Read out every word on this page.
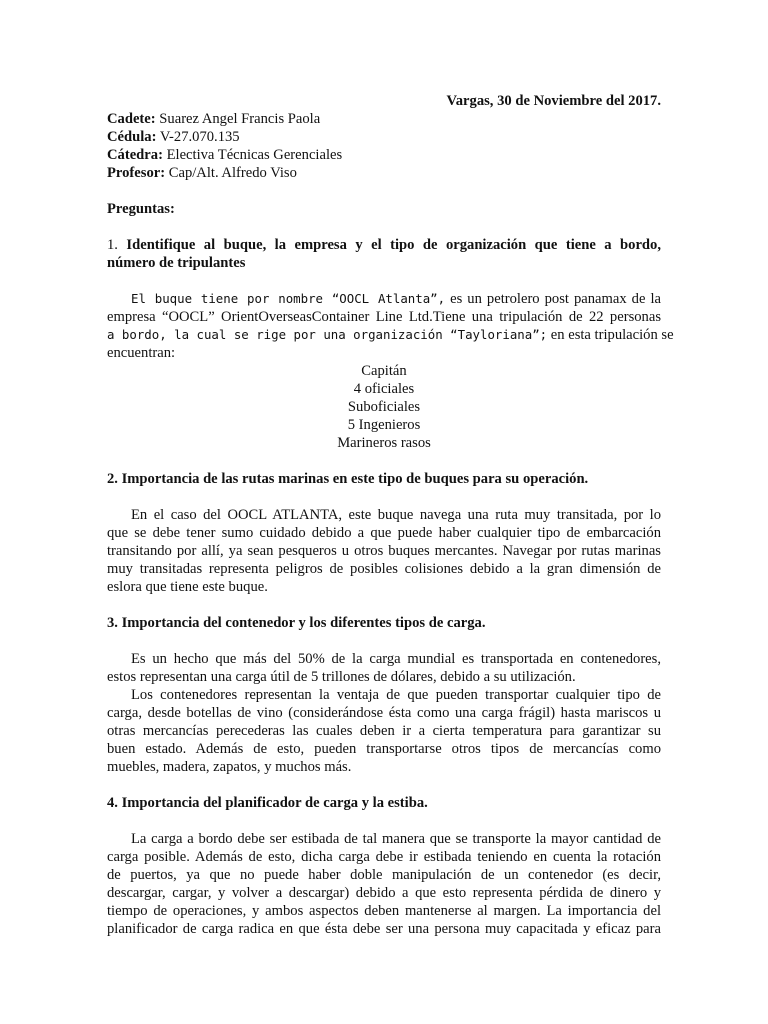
Vargas, 30 de Noviembre del 2017.
Cadete: Suarez Angel Francis Paola
Cédula: V-27.070.135
Cátedra: Electiva Técnicas Gerenciales
Profesor: Cap/Alt. Alfredo Viso
Preguntas:
1. Identifique al buque, la empresa y el tipo de organización que tiene a bordo,
número de tripulantes
El buque tiene por nombre “OOCL Atlanta”, es un petrolero post panamax de la
empresa “OOCL” OrientOverseasContainer Line Ltd.Tiene una tripulación de 22 personas
a bordo, la cual se rige por una organización “Tayloriana”; en esta tripulación se
encuentran:
Capitán
4 oficiales
Suboficiales
5 Ingenieros
Marineros rasos
2. Importancia de las rutas marinas en este tipo de buques para su operación.
En el caso del OOCL ATLANTA, este buque navega una ruta muy transitada, por lo
que se debe tener sumo cuidado debido a que puede haber cualquier tipo de embarcación
transitando por allí, ya sean pesqueros u otros buques mercantes. Navegar por rutas marinas
muy transitadas representa peligros de posibles colisiones debido a la gran dimensión de
eslora que tiene este buque.
3. Importancia del contenedor y los diferentes tipos de carga.
Es un hecho que más del 50% de la carga mundial es transportada en contenedores,
estos representan una carga útil de 5 trillones de dólares, debido a su utilización.
Los contenedores representan la ventaja de que pueden transportar cualquier tipo de
carga, desde botellas de vino (considerándose ésta como una carga frágil) hasta mariscos u
otras mercancías perecederas las cuales deben ir a cierta temperatura para garantizar su
buen estado. Además de esto, pueden transportarse otros tipos de mercancías como
muebles, madera, zapatos, y muchos más.
4. Importancia del planificador de carga y la estiba.
La carga a bordo debe ser estibada de tal manera que se transporte la mayor cantidad de
carga posible. Además de esto, dicha carga debe ir estibada teniendo en cuenta la rotación
de puertos, ya que no puede haber doble manipulación de un contenedor (es decir,
descargar, cargar, y volver a descargar) debido a que esto representa pérdida de dinero y
tiempo de operaciones, y ambos aspectos deben mantenerse al margen. La importancia del
planificador de carga radica en que ésta debe ser una persona muy capacitada y eficaz para
